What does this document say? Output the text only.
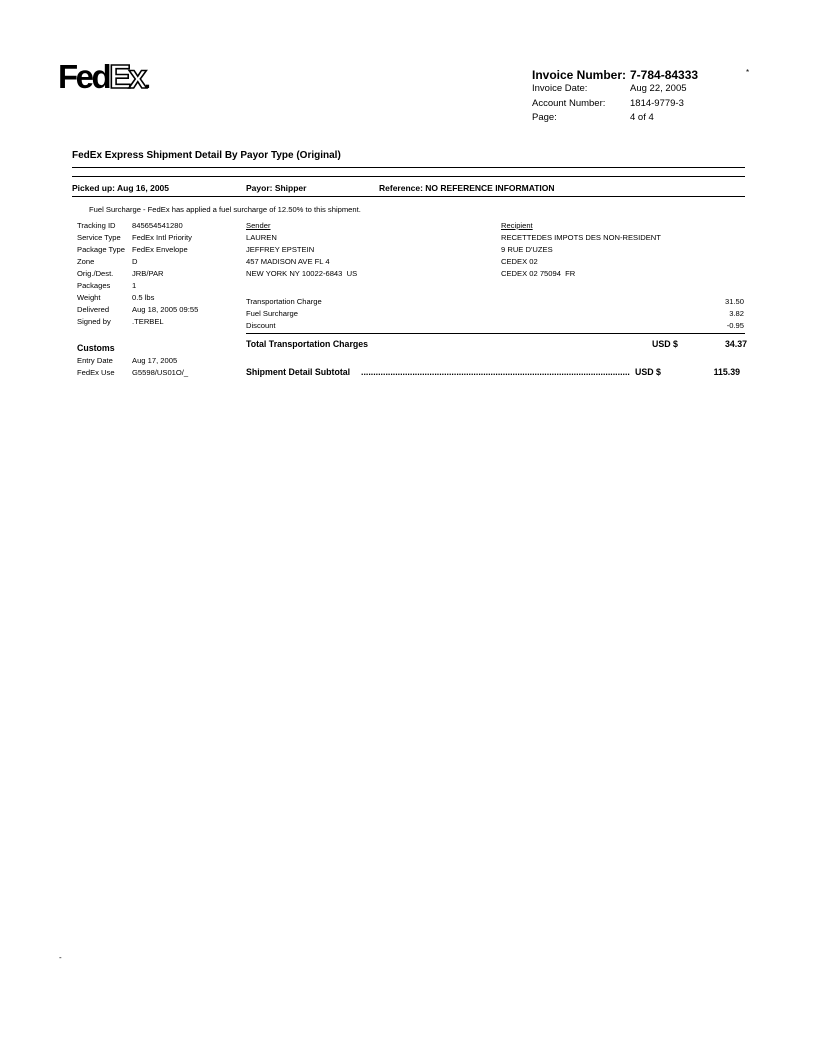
FedEx.	Invoice Number: 7-784-84333	*
Invoice Date:	Aug 22, 2005
Account Number:	1814-9779-3
Page:	4 of 4
FedEx Express Shipment Detail By Payor Type (Original)
Picked up: Aug 16, 2005	Payor: Shipper	Reference: NO REFERENCE INFORMATION
Fuel Surcharge - FedEx has applied a fuel surcharge of 12.50% to this shipment.
Tracking ID 845654541280
Service Type FedEx Intl Priority
Package Type FedEx Envelope
Zone	D
Orig./Dest. JRB/PAR
Packages	1
Weight	0.5 lbs
Delivered	Aug 18, 2005 09:55
Signed by	.TERBEL
Sender
LAUREN
JEFFREY EPSTEIN
457 MADISON AVE FL 4
NEW YORK NY 10022-6843  US
Recipient
RECETTEDES IMPOTS DES NON-RESIDENT
9 RUE D'UZES
CEDEX 02
CEDEX 02 75094  FR
Transportation Charge	31.50
Fuel Surcharge	3.82
Discount	-0.95
Total Transportation Charges	USD $	34.37
Customs
Entry Date	Aug 17, 2005
FedEx Use G5598/US01O/_	Shipment Detail Subtotal .............................................................................................................. USD $	115.39
-
